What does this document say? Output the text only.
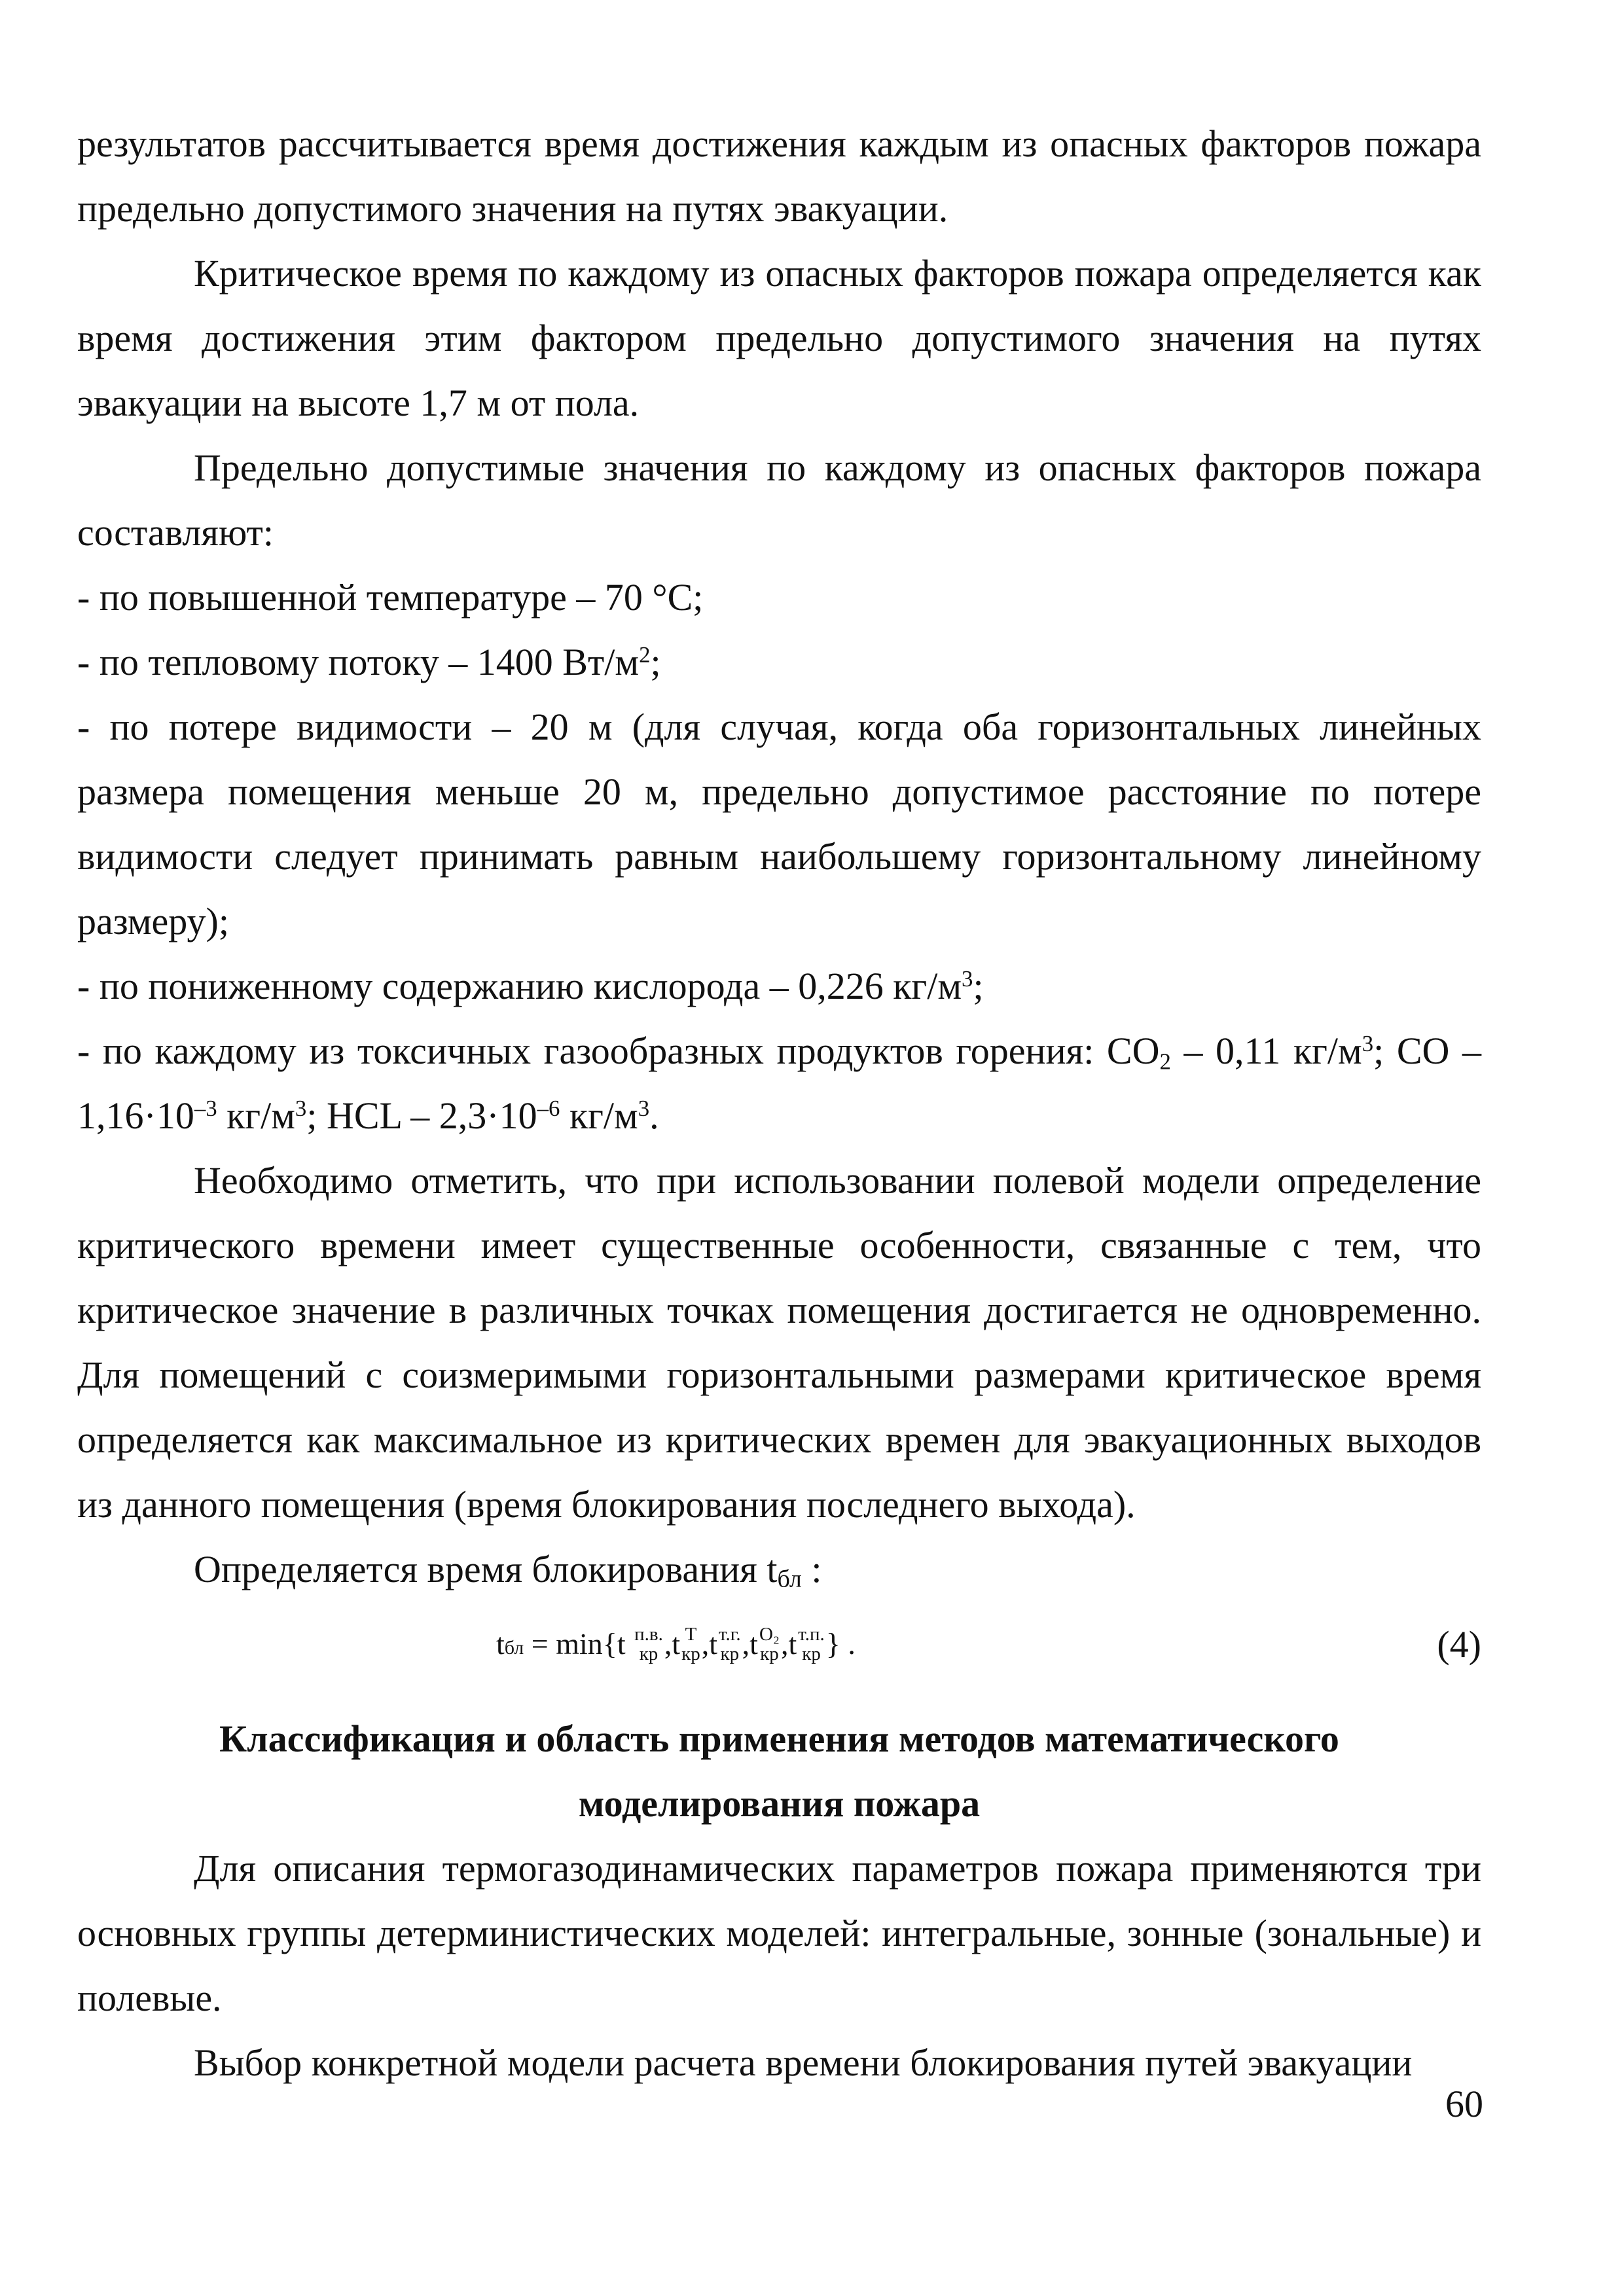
результатов рассчитывается время достижения каждым из опасных факторов пожара предельно допустимого значения на путях эвакуации.

Критическое время по каждому из опасных факторов пожара определяется как время достижения этим фактором предельно допустимого значения на путях эвакуации на высоте 1,7 м от пола.

Предельно допустимые значения по каждому из опасных факторов пожара составляют:

- по повышенной температуре – 70 °С;

- по тепловому потоку – 1400 $Вт/м^2$;

- по потере видимости – 20 м (для случая, когда оба горизонтальных линейных размера помещения меньше 20 м, предельно допустимое расстояние по потере видимости следует принимать равным наибольшему горизонтальному линейному размеру);

- по пониженному содержанию кислорода – 0,226 $кг/м^3$;

- по каждому из токсичных газообразных продуктов горения: $CO_2 - 0,11$ $кг/м^3$; СО – $1,16\cdot 10^{-3}$ $кг/м^3$; HCL – $2,3\cdot 10^{-6}$ $кг/м^3$.

Необходимо отметить, что при использовании полевой модели определение критического времени имеет существенные особенности, связанные с тем, что критическое значение в различных точках помещения достигается не одновременно. Для помещений с соизмеримыми горизонтальными размерами критическое время определяется как максимальное из критических времен для эвакуационных выходов из данного помещения (время блокирования последнего выхода).

Определяется время блокирования tбл :

tбл = min{t п.в.
кр ,t T
кр ,t т.г.
кр ,t O₂
кр ,t т.п.
кр } .	(4)

Классификация и область применения методов математического

моделирования пожара

Для описания термогазодинамических параметров пожара применяются три основных группы детерминистических моделей: интегральные, зонные (зональные) и полевые.

Выбор конкретной модели расчета времени блокирования путей эвакуации

60
